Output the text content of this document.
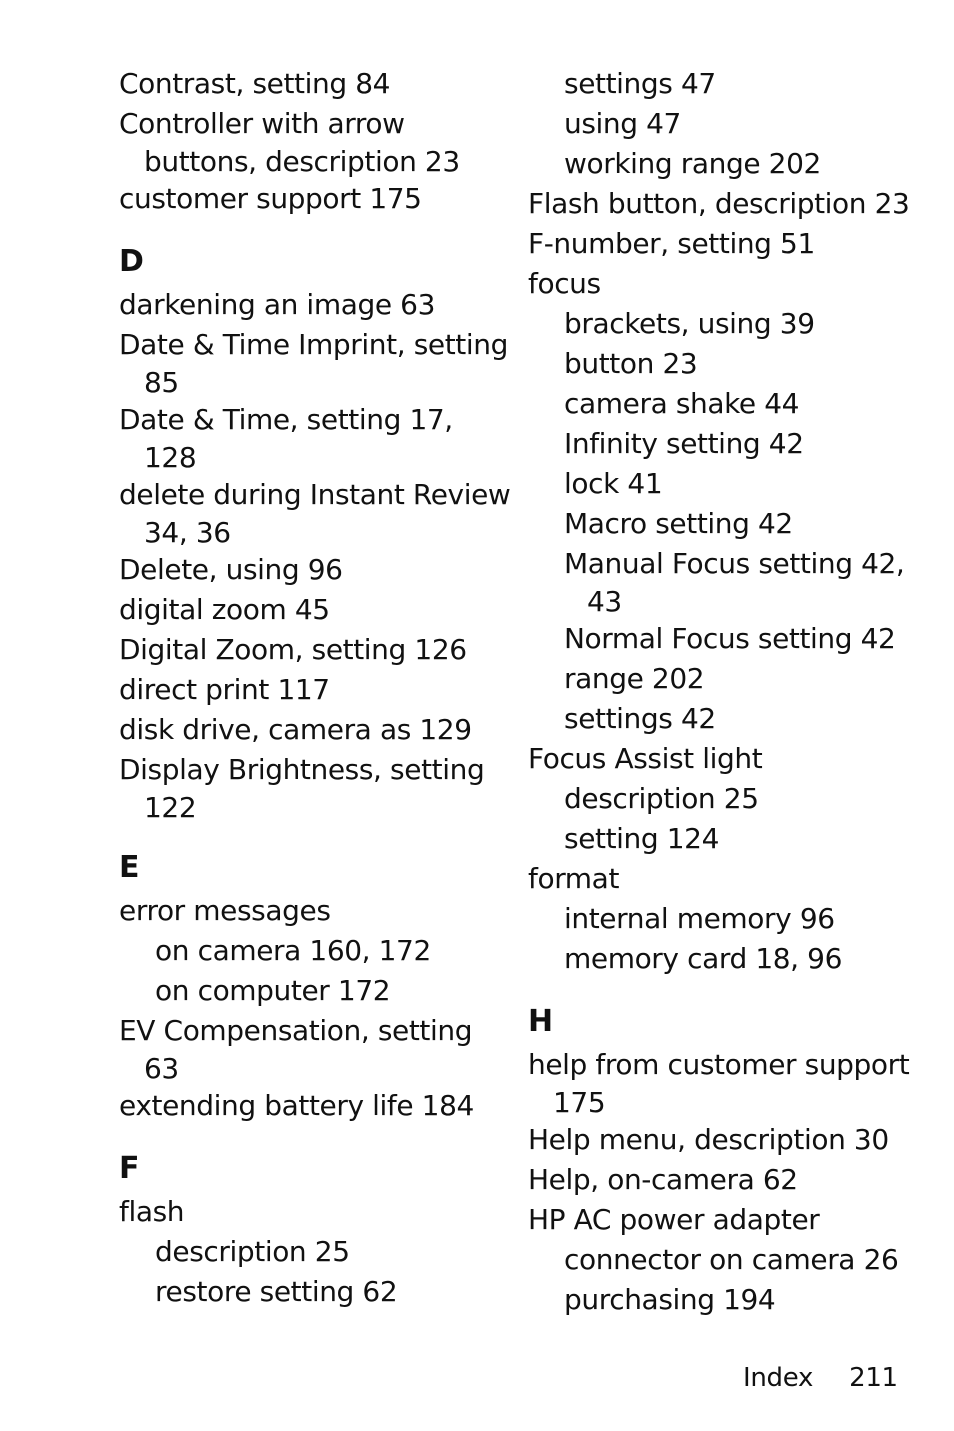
Contrast, setting 84
Controller with arrow
buttons, description 23
customer support 175
D
darkening an image 63
Date & Time Imprint, setting
85
Date & Time, setting 17,
128
delete during Instant Review
34, 36
Delete, using 96
digital zoom 45
Digital Zoom, setting 126
direct print 117
disk drive, camera as 129
Display Brightness, setting
122
E
error messages
on camera 160, 172
on computer 172
EV Compensation, setting
63
extending battery life 184
F
flash
description 25
restore setting 62
settings 47
using 47
working range 202
Flash button, description 23
F-number, setting 51
focus
brackets, using 39
button 23
camera shake 44
Infinity setting 42
lock 41
Macro setting 42
Manual Focus setting 42,
43
Normal Focus setting 42
range 202
settings 42
Focus Assist light
description 25
setting 124
format
internal memory 96
memory card 18, 96
H
help from customer support
175
Help menu, description 30
Help, on-camera 62
HP AC power adapter
connector on camera 26
purchasing 194
Index 211
